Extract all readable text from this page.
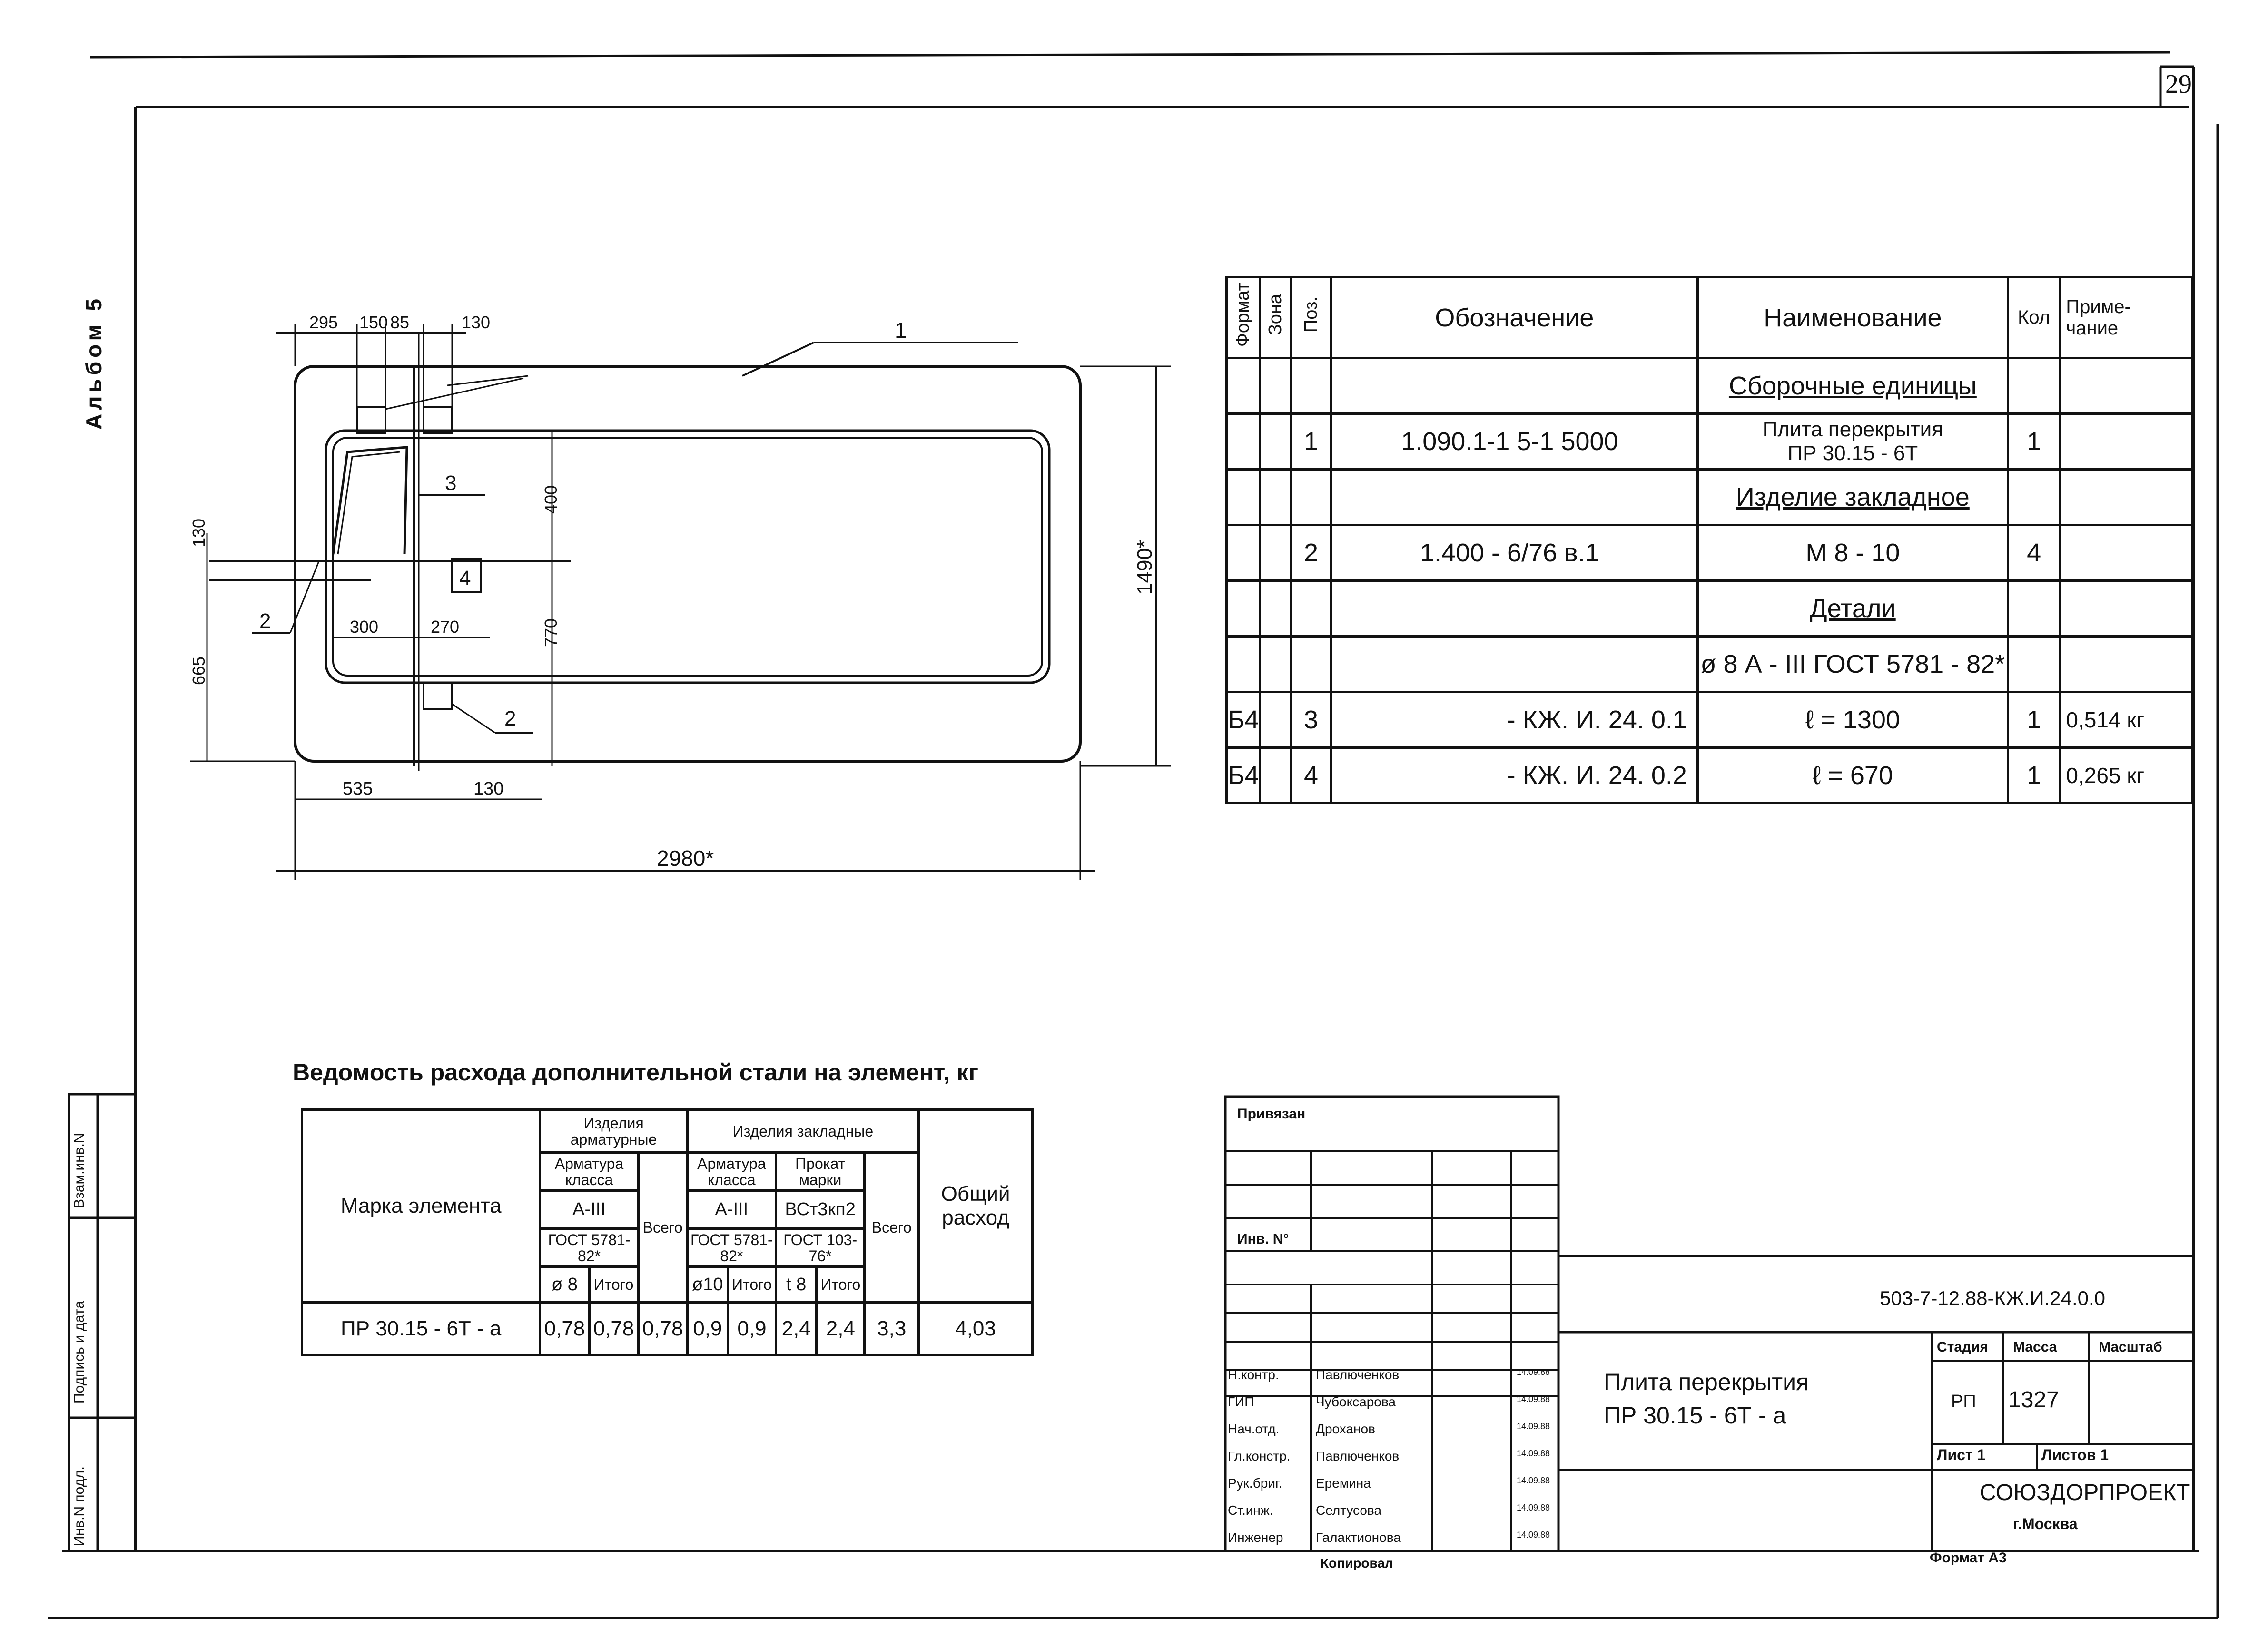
29
Альбом 5
Инв.N подл.
Подпись и дата
Взам.инв.N
295 150 85	130	1
3
4
2
2
400
770
300	270
130
665
1490*
535	130
2980*
Формат	Зона	Поз.	Обозначение	Наименование	Кол	Приме-
чание
				Сборочные единицы		
		1	1.090.1-1 5-1 5000	Плита перекрытия
ПР 30.15 - 6Т	1	
				Изделие закладное		
		2	1.400 - 6/76 в.1	М 8 - 10	4	
				Детали		
				ø 8 А - III ГОСТ 5781 - 82*		
Б4		3	- КЖ. И. 24. 0.1	ℓ = 1300	1	0,514 кг
Б4		4	- КЖ. И. 24. 0.2	ℓ = 670	1	0,265 кг
Ведомость расхода дополнительной стали на элемент, кг
Марка элемента	Изделия арматурные			Изделия закладные					Общий расход
	Арматура класса		Всего	Арматура класса		Прокат марки		Всего	
	А-III			А-III		ВСт3кп2			
	ГОСТ 5781-82*			ГОСТ 5781-82*		ГОСТ 103-76*			
	ø 8	Итого		ø10	Итого	t 8	Итого		
ПР 30.15 - 6Т - а	0,78	0,78	0,78	0,9	0,9	2,4	2,4	3,3	4,03
Привязан
Инв. N°
503-7-12.88-КЖ.И.24.0.0
Плита перекрытия
ПР 30.15 - 6Т - а
Стадия Масса	Масштаб
РП 1327
Лист 1	Листов 1
СОЮЗДОРПРОЕКТ
г.Москва
Копировал	Формат A3
Н.контр.	Павлюченков	14.09.88
ГИП	Чубоксарова	14.09.88
Нач.отд.	Дроханов	14.09.88
Гл.констр. Павлюченков	14.09.88
Рук.бриг.	Еремина	14.09.88
Ст.инж.	Селтусова	14.09.88
Инженер Галактионова	14.09.88
